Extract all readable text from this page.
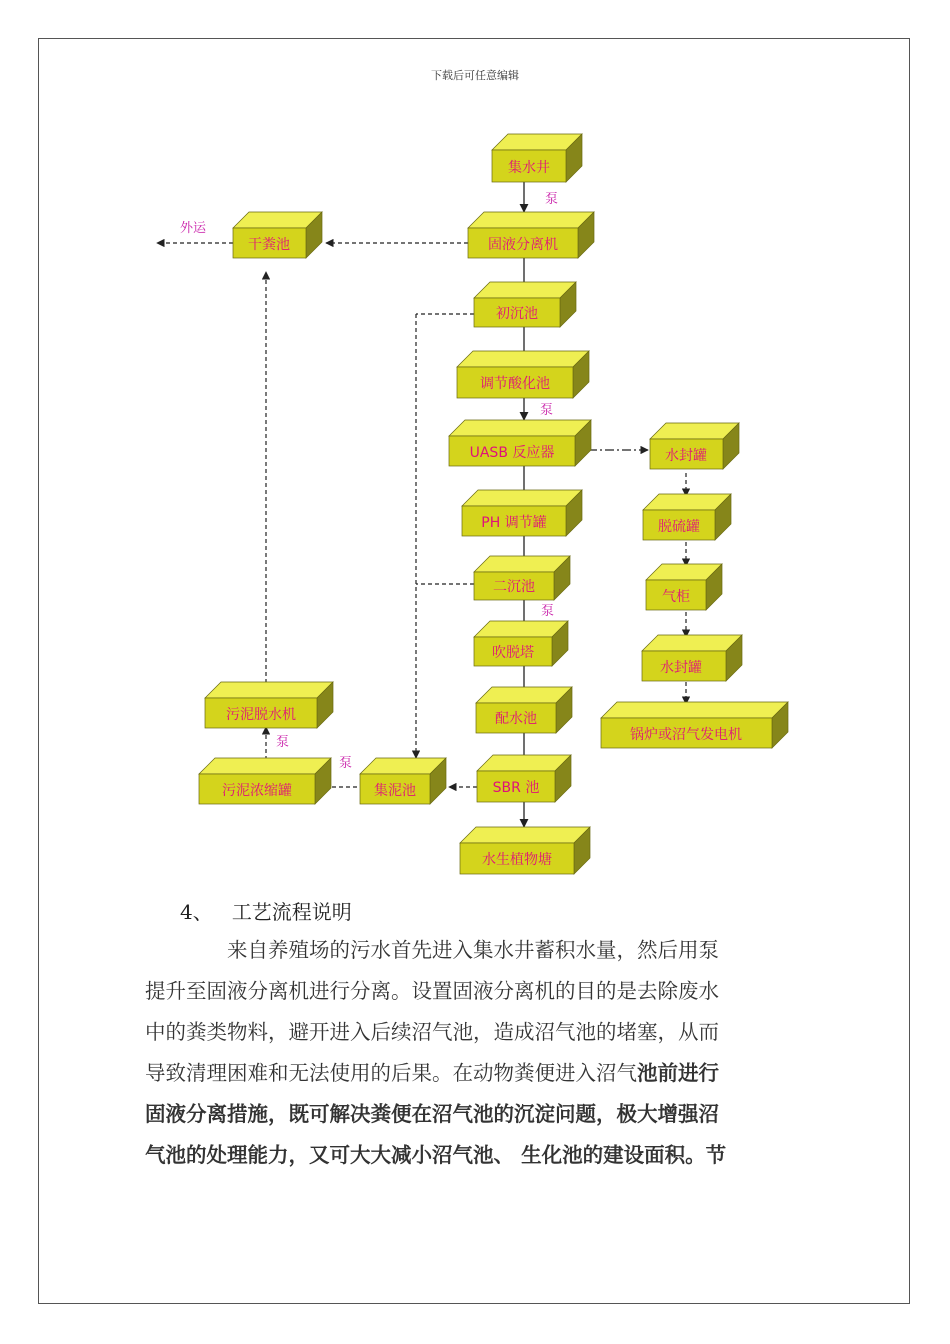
下载后可任意编辑
集水井
固液分离机
初沉池
调节酸化池
UASB 反应器
PH 调节罐
二沉池
吹脱塔
配水池
SBR 池
水生植物塘
干粪池
污泥脱水机
污泥浓缩罐	集泥池
水封罐
脱硫罐
气柜
水封罐
锅炉或沼气发电机
外运
泵
泵
泵
泵
泵
4、 工艺流程说明

来自养殖场的污水首先进入集水井蓄积水量，然后用泵

提升至固液分离机进行分离。设置固液分离机的目的是去除废水

中的粪类物料，避开进入后续沼气池，造成沼气池的堵塞，从而

导致清理困难和无法使用的后果。在动物粪便进入沼气池前进行

固液分离措施，既可解决粪便在沼气池的沉淀问题，极大增强沼

气池的处理能力，又可大大减小沼气池、 生化池的建设面积。节
